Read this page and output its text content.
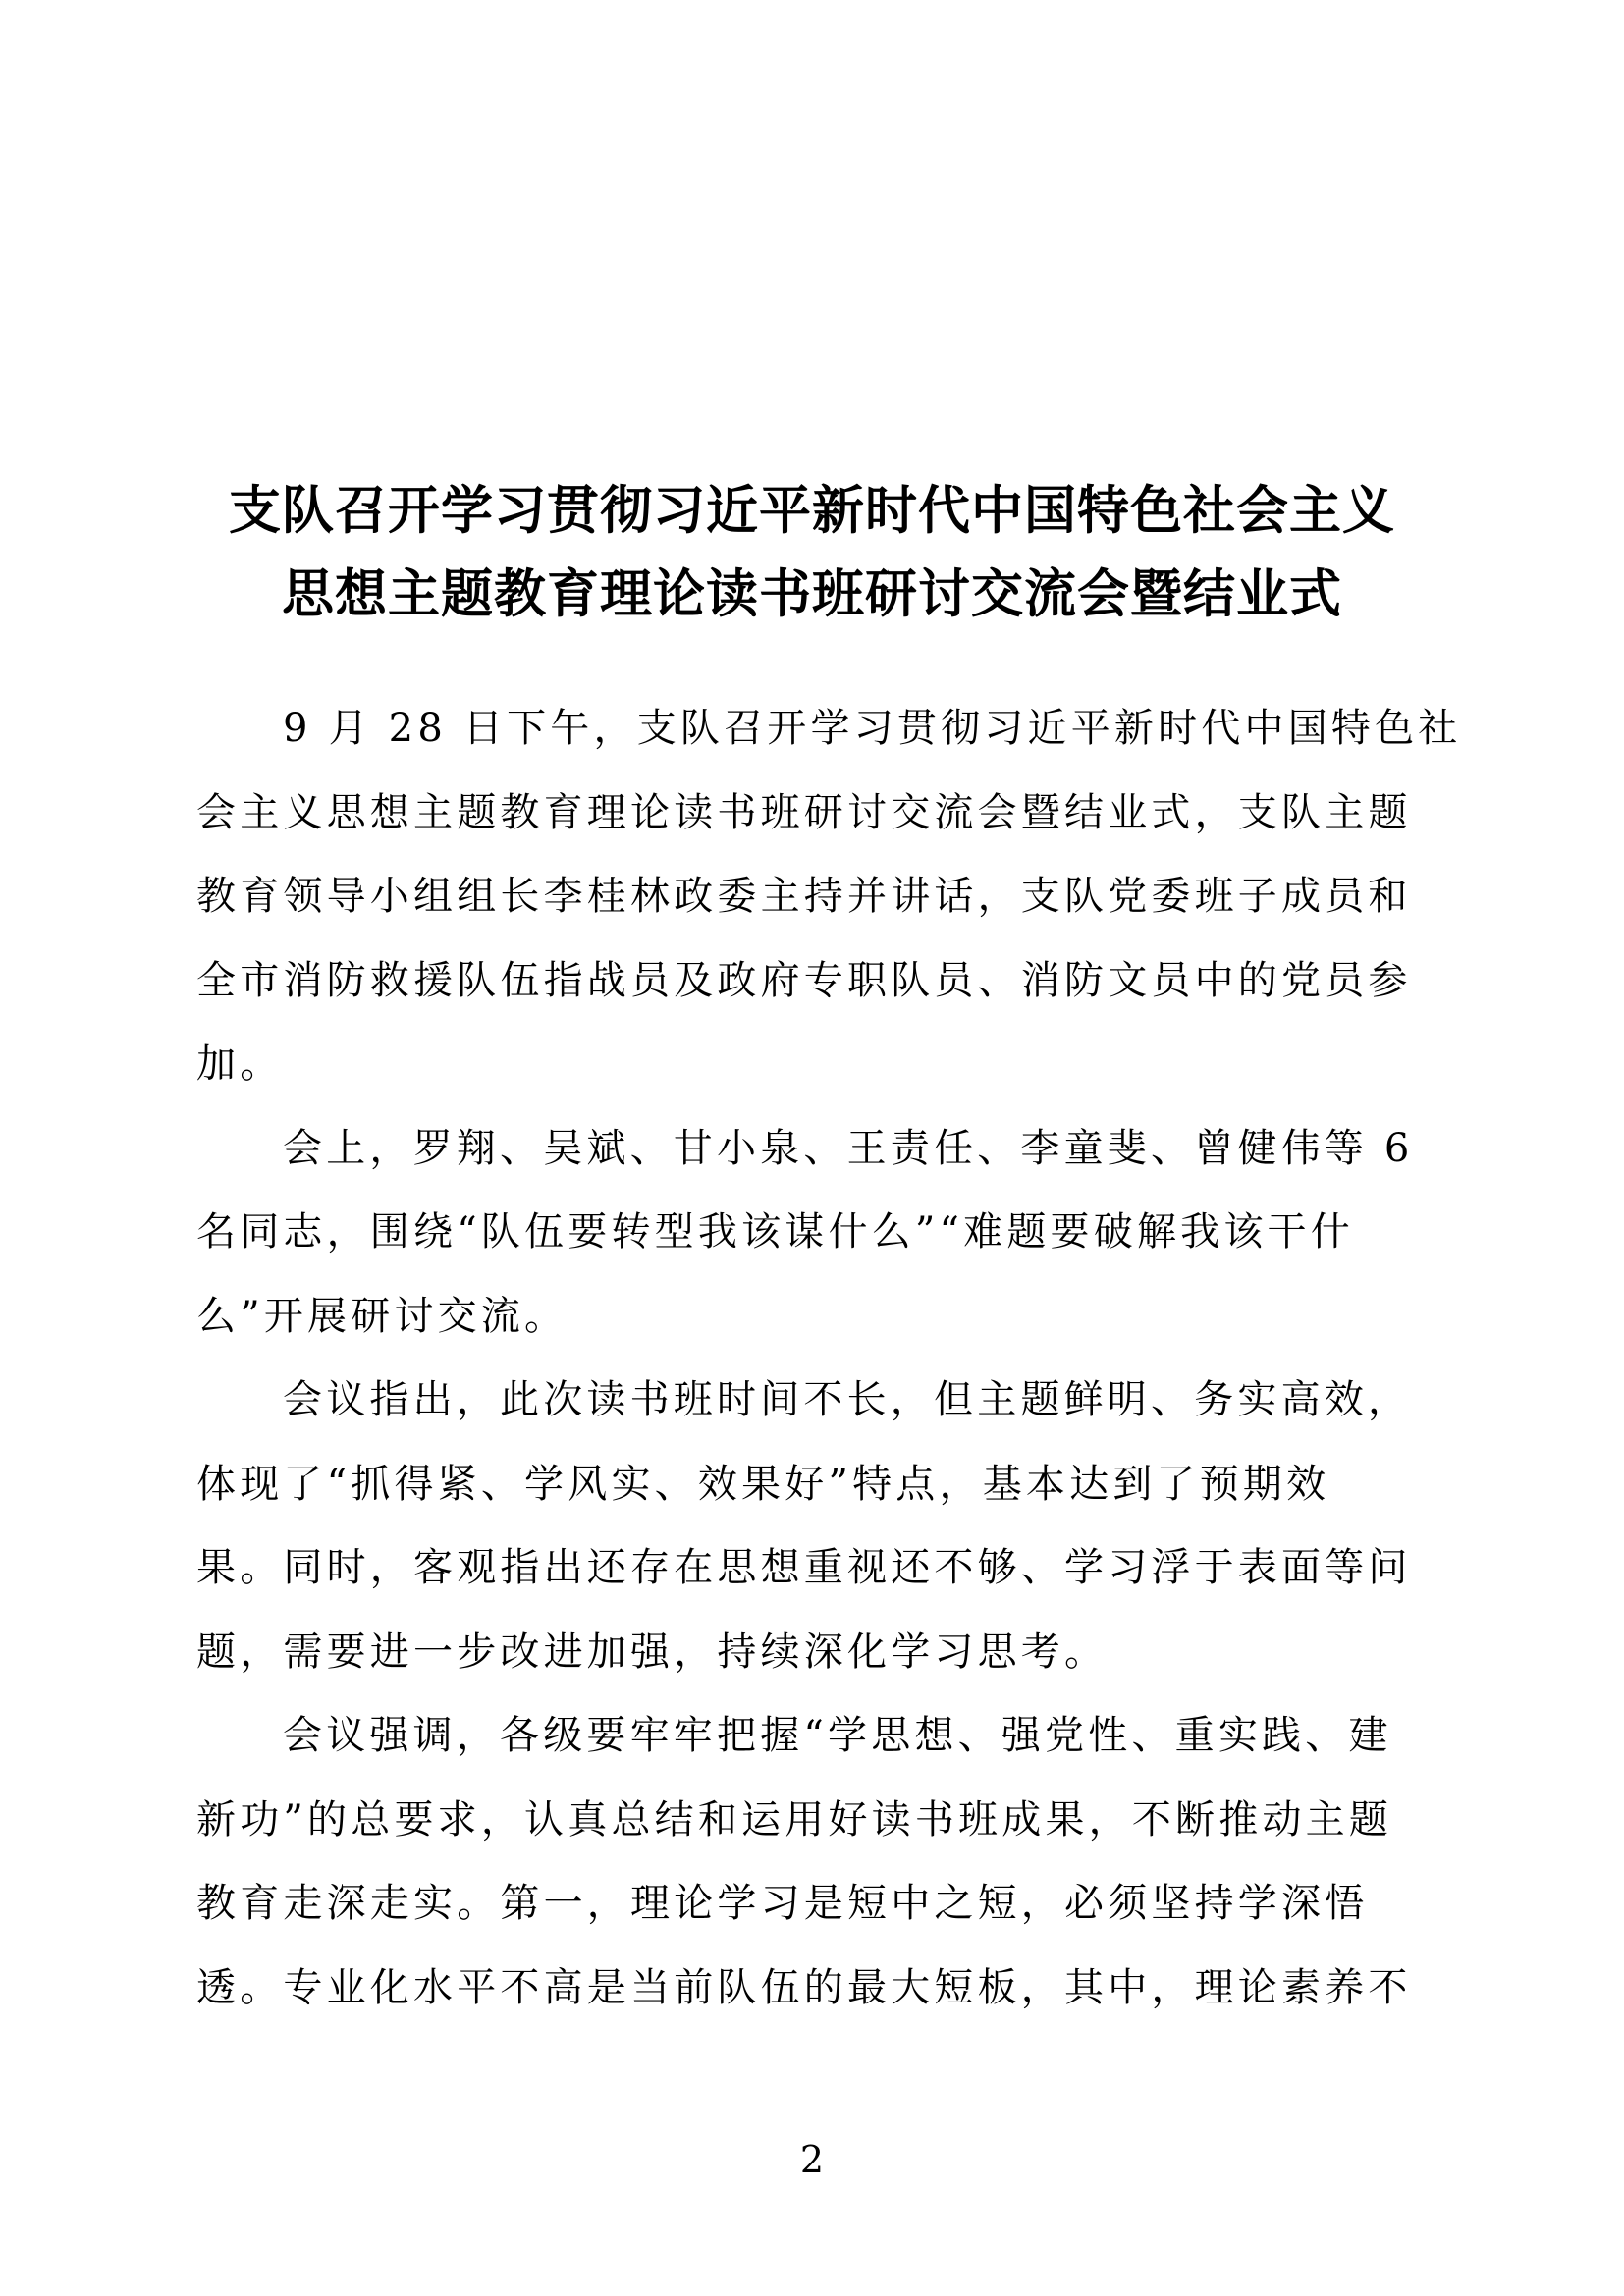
支队召开学习贯彻习近平新时代中国特色社会主义
思想主题教育理论读书班研讨交流会暨结业式

9 月 28 日下午，支队召开学习贯彻习近平新时代中国特色社
会主义思想主题教育理论读书班研讨交流会暨结业式，支队主题
教育领导小组组长李桂林政委主持并讲话，支队党委班子成员和
全市消防救援队伍指战员及政府专职队员、消防文员中的党员参
加。

会上，罗翔、吴斌、甘小泉、王责任、李童斐、曾健伟等 6
名同志，围绕“队伍要转型我该谋什么”“难题要破解我该干什
么”开展研讨交流。

会议指出，此次读书班时间不长，但主题鲜明、务实高效，
体现了“抓得紧、学风实、效果好”特点，基本达到了预期效
果。同时，客观指出还存在思想重视还不够、学习浮于表面等问
题，需要进一步改进加强，持续深化学习思考。

会议强调，各级要牢牢把握“学思想、强党性、重实践、建
新功”的总要求，认真总结和运用好读书班成果，不断推动主题
教育走深走实。第一，理论学习是短中之短，必须坚持学深悟
透。专业化水平不高是当前队伍的最大短板，其中，理论素养不

2
